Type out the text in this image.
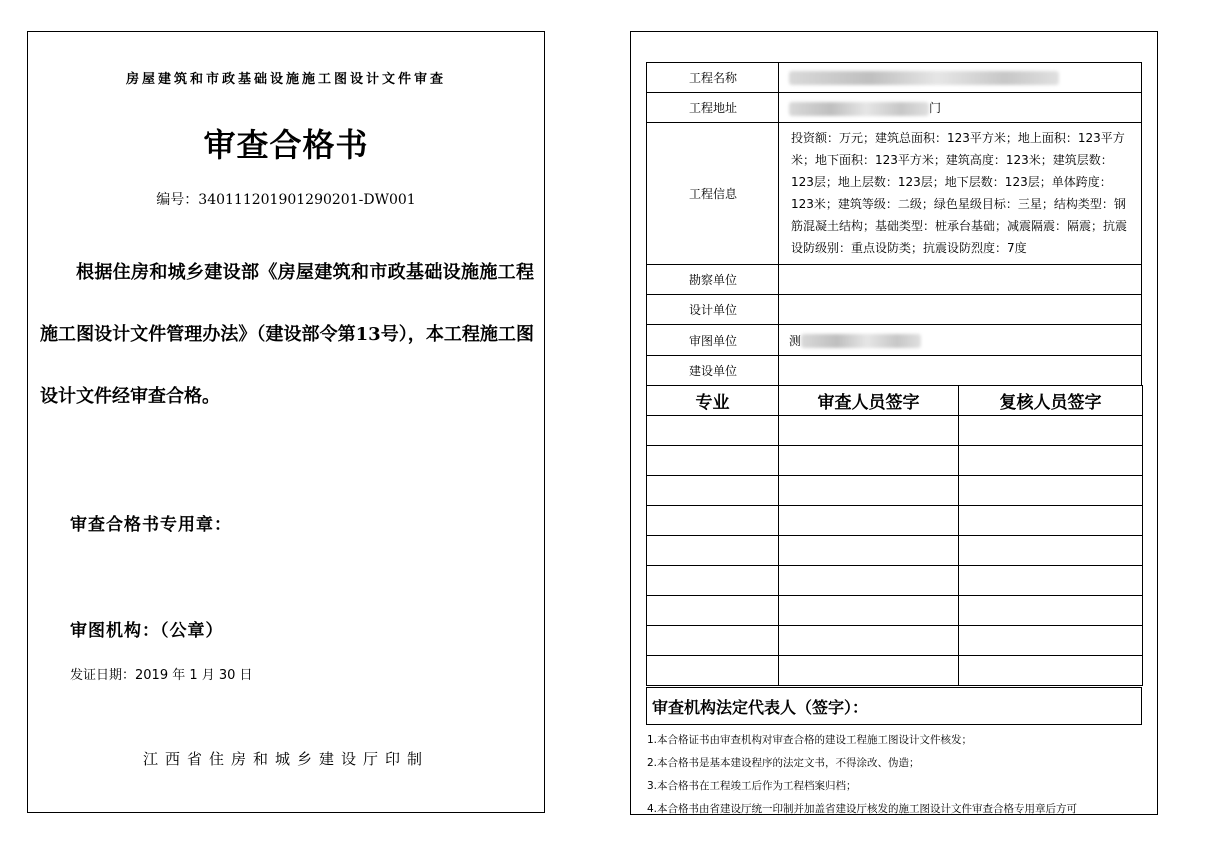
房屋建筑和市政基础设施施工图设计文件审查
审查合格书
编号：340111201901290201-DW001
根据住房和城乡建设部《房屋建筑和市政基础设施施工程施工图设计文件管理办法》（建设部令第13号），本工程施工图设计文件经审查合格。
审查合格书专用章：
审图机构：（公章）
发证日期：2019 年 1 月 30 日
江西省住房和城乡建设厅印制
工程名称	
工程地址	门
工程信息	投资额：万元；建筑总面积：123平方米；地上面积：123平方米；地下面积：123平方米；建筑高度：123米；建筑层数：123层；地上层数：123层；地下层数：123层；单体跨度：123米；建筑等级：二级；绿色星级目标：三星；结构类型：钢筋混凝土结构；基础类型：桩承台基础；减震隔震：隔震；抗震设防级别：重点设防类；抗震设防烈度：7度
勘察单位	
设计单位	
审图单位	测
建设单位	
专业	审查人员签字	复核人员签字

审查机构法定代表人（签字）：
1.本合格证书由审查机构对审查合格的建设工程施工图设计文件核发；
2.本合格书是基本建设程序的法定文书，不得涂改、伪造；
3.本合格书在工程竣工后作为工程档案归档；
4.本合格书由省建设厅统一印制并加盖省建设厅核发的施工图设计文件审查合格专用章后方可
